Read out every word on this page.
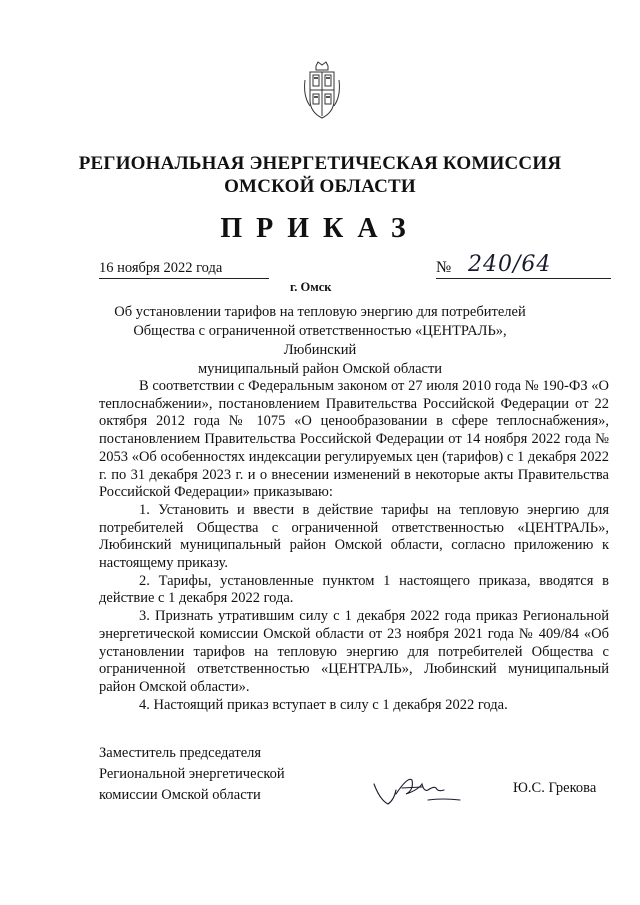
РЕГИОНАЛЬНАЯ ЭНЕРГЕТИЧЕСКАЯ КОМИССИЯ
ОМСКОЙ ОБЛАСТИ
ПРИКАЗ
16 ноября 2022 года	№ 240/64
г. Омск
Об установлении тарифов на тепловую энергию для потребителей
Общества с ограниченной ответственностью «ЦЕНТРАЛЬ», Любинский
муниципальный район Омской области

В соответствии с Федеральным законом от 27 июля 2010 года № 190-ФЗ «О теплоснабжении», постановлением Правительства Российской Федерации от 22 октября 2012 года № 1075 «О ценообразовании в сфере теплоснабжения», постановлением Правительства Российской Федерации от 14 ноября 2022 года № 2053 «Об особенностях индексации регулируемых цен (тарифов) с 1 декабря 2022 г. по 31 декабря 2023 г. и о внесении изменений в некоторые акты Правительства Российской Федерации» приказываю:

1. Установить и ввести в действие тарифы на тепловую энергию для потребителей Общества с ограниченной ответственностью «ЦЕНТРАЛЬ», Любинский муниципальный район Омской области, согласно приложению к настоящему приказу.

2. Тарифы, установленные пунктом 1 настоящего приказа, вводятся в действие с 1 декабря 2022 года.

3. Признать утратившим силу с 1 декабря 2022 года приказ Региональной энергетической комиссии Омской области от 23 ноября 2021 года № 409/84 «Об установлении тарифов на тепловую энергию для потребителей Общества с ограниченной ответственностью «ЦЕНТРАЛЬ», Любинский муниципальный район Омской области».

4. Настоящий приказ вступает в силу с 1 декабря 2022 года.

Заместитель председателя
Региональной энергетической
комиссии Омской области	Ю.С. Грекова
